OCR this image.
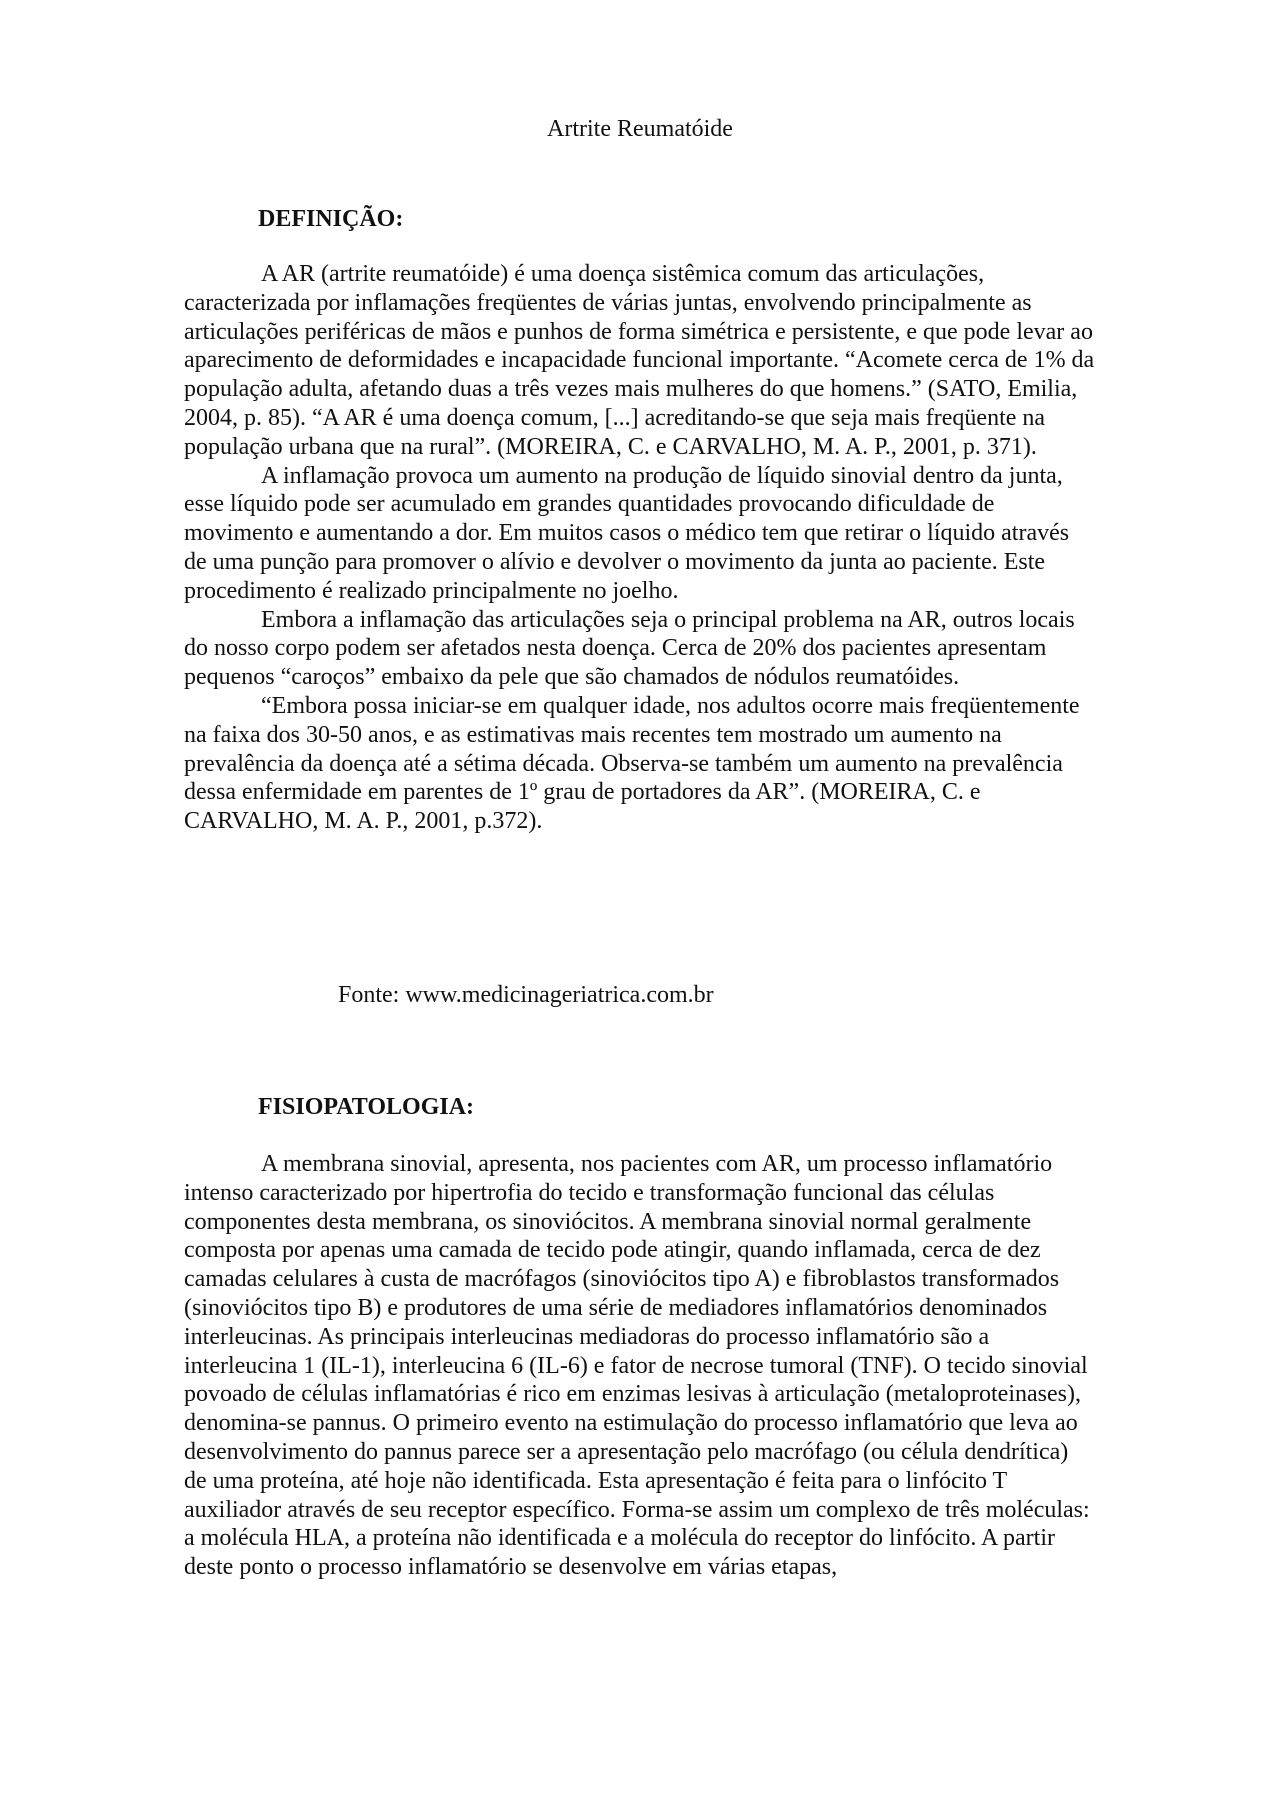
Artrite Reumatóide
DEFINIÇÃO:

A AR (artrite reumatóide) é uma doença sistêmica comum das articulações, caracterizada por inflamações freqüentes de várias juntas, envolvendo principalmente as articulações periféricas de mãos e punhos de forma simétrica e persistente, e que pode levar ao aparecimento de deformidades e incapacidade funcional importante. “Acomete cerca de 1% da população adulta, afetando duas a três vezes mais mulheres do que homens.” (SATO, Emilia, 2004, p. 85). “A AR é uma doença comum, [...] acreditando-se que seja mais freqüente na população urbana que na rural”. (MOREIRA, C. e CARVALHO, M. A. P., 2001, p. 371).

A inflamação provoca um aumento na produção de líquido sinovial dentro da junta, esse líquido pode ser acumulado em grandes quantidades provocando dificuldade de movimento e aumentando a dor. Em muitos casos o médico tem que retirar o líquido através de uma punção para promover o alívio e devolver o movimento da junta ao paciente. Este procedimento é realizado principalmente no joelho.

Embora a inflamação das articulações seja o principal problema na AR, outros locais do nosso corpo podem ser afetados nesta doença. Cerca de 20% dos pacientes apresentam pequenos “caroços” embaixo da pele que são chamados de nódulos reumatóides.

“Embora possa iniciar-se em qualquer idade, nos adultos ocorre mais freqüentemente na faixa dos 30-50 anos, e as estimativas mais recentes tem mostrado um aumento na prevalência da doença até a sétima década. Observa-se também um aumento na prevalência dessa enfermidade em parentes de 1º grau de portadores da AR”. (MOREIRA, C. e CARVALHO, M. A. P., 2001, p.372).

Fonte: www.medicinageriatrica.com.br

FISIOPATOLOGIA:

A membrana sinovial, apresenta, nos pacientes com AR, um processo inflamatório intenso caracterizado por hipertrofia do tecido e transformação funcional das células componentes desta membrana, os sinoviócitos. A membrana sinovial normal geralmente composta por apenas uma camada de tecido pode atingir, quando inflamada, cerca de dez camadas celulares à custa de macrófagos (sinoviócitos tipo A) e fibroblastos transformados (sinoviócitos tipo B) e produtores de uma série de mediadores inflamatórios denominados interleucinas. As principais interleucinas mediadoras do processo inflamatório são a interleucina 1 (IL-1), interleucina 6 (IL-6) e fator de necrose tumoral (TNF). O tecido sinovial povoado de células inflamatórias é rico em enzimas lesivas à articulação (metaloproteinases), denomina-se pannus. O primeiro evento na estimulação do processo inflamatório que leva ao desenvolvimento do pannus parece ser a apresentação pelo macrófago (ou célula dendrítica) de uma proteína, até hoje não identificada. Esta apresentação é feita para o linfócito T auxiliador através de seu receptor específico. Forma-se assim um complexo de três moléculas: a molécula HLA, a proteína não identificada e a molécula do receptor do linfócito. A partir deste ponto o processo inflamatório se desenvolve em várias etapas,
